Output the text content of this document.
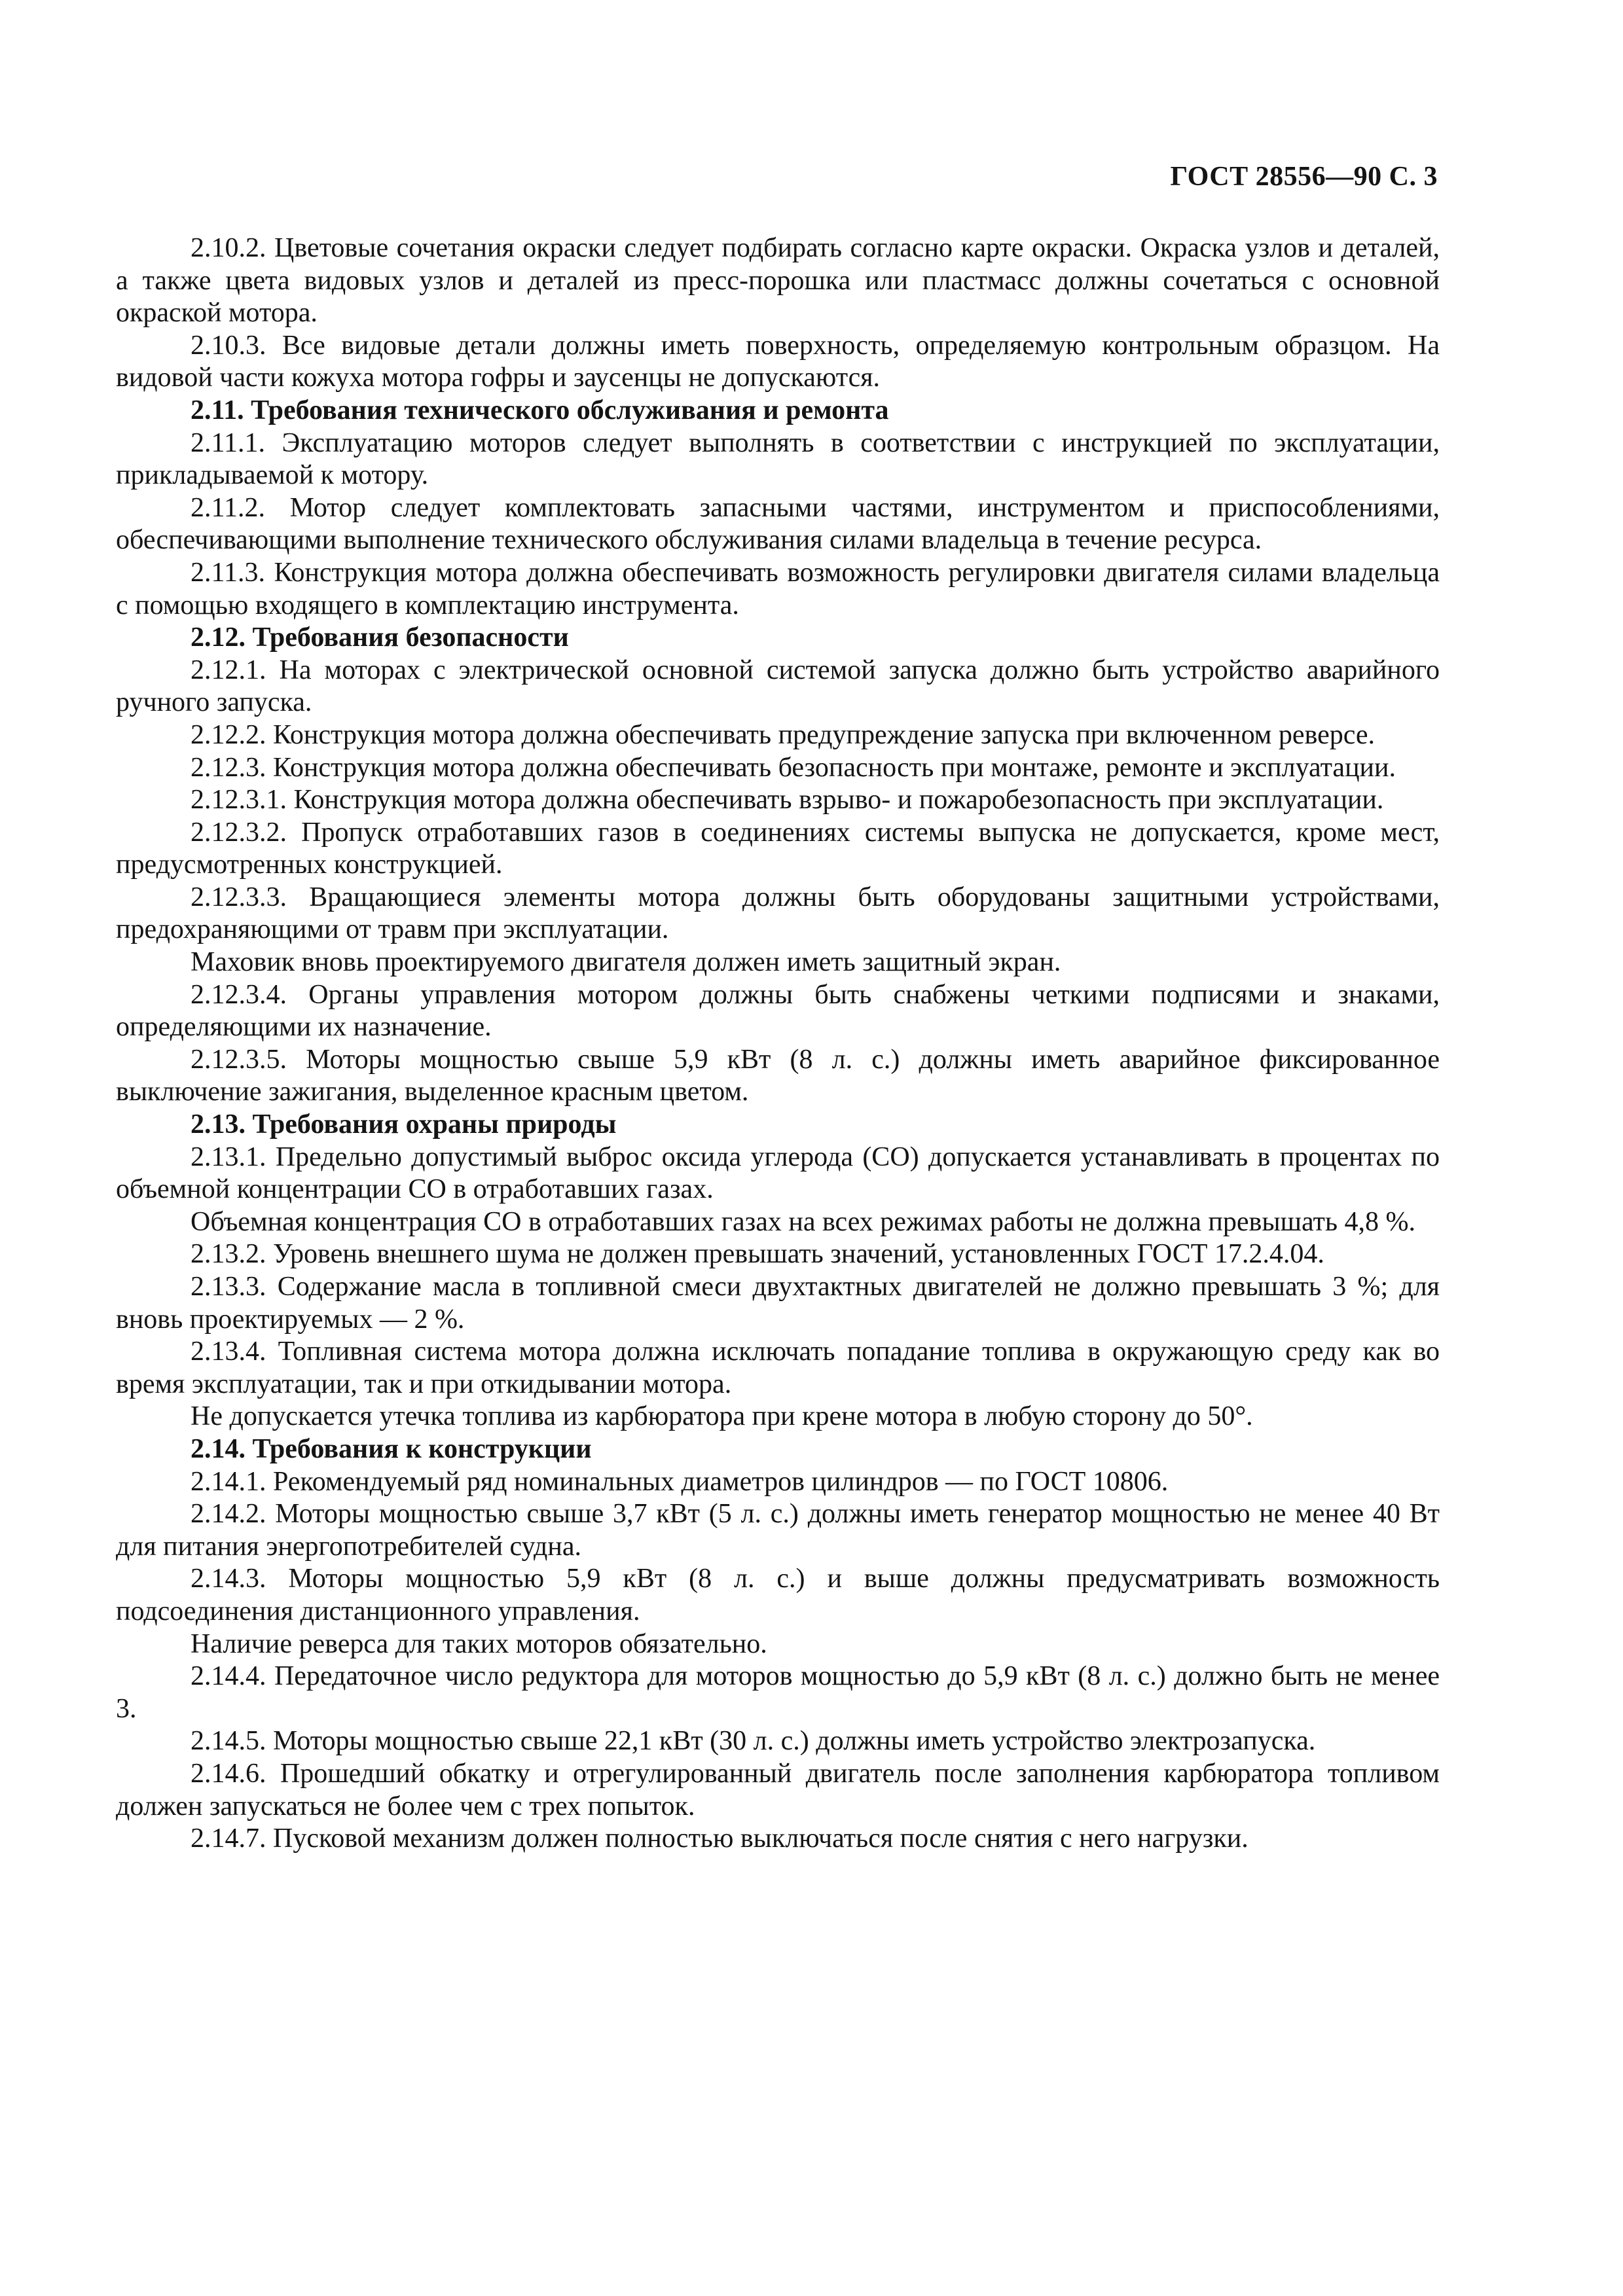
ГОСТ 28556—90 С. 3

2.10.2. Цветовые сочетания окраски следует подбирать согласно карте окраски. Окраска узлов и деталей, а также цвета видовых узлов и деталей из пресс-порошка или пластмасс должны сочетаться с основной окраской мотора.

2.10.3. Все видовые детали должны иметь поверхность, определяемую контрольным образцом. На видовой части кожуха мотора гофры и заусенцы не допускаются.

2.11. Требования технического обслуживания и ремонта

2.11.1. Эксплуатацию моторов следует выполнять в соответствии с инструкцией по эксплуатации, прикладываемой к мотору.

2.11.2. Мотор следует комплектовать запасными частями, инструментом и приспособлениями, обеспечивающими выполнение технического обслуживания силами владельца в течение ресурса.

2.11.3. Конструкция мотора должна обеспечивать возможность регулировки двигателя силами владельца с помощью входящего в комплектацию инструмента.

2.12. Требования безопасности

2.12.1. На моторах с электрической основной системой запуска должно быть устройство аварийного ручного запуска.

2.12.2. Конструкция мотора должна обеспечивать предупреждение запуска при включенном реверсе.

2.12.3. Конструкция мотора должна обеспечивать безопасность при монтаже, ремонте и эксплуатации.

2.12.3.1. Конструкция мотора должна обеспечивать взрыво- и пожаробезопасность при эксплуатации.

2.12.3.2. Пропуск отработавших газов в соединениях системы выпуска не допускается, кроме мест, предусмотренных конструкцией.

2.12.3.3. Вращающиеся элементы мотора должны быть оборудованы защитными устройствами, предохраняющими от травм при эксплуатации.

Маховик вновь проектируемого двигателя должен иметь защитный экран.

2.12.3.4. Органы управления мотором должны быть снабжены четкими подписями и знаками, определяющими их назначение.

2.12.3.5. Моторы мощностью свыше 5,9 кВт (8 л. с.) должны иметь аварийное фиксированное выключение зажигания, выделенное красным цветом.

2.13. Требования охраны природы

2.13.1. Предельно допустимый выброс оксида углерода (СО) допускается устанавливать в процентах по объемной концентрации СО в отработавших газах.

Объемная концентрация СО в отработавших газах на всех режимах работы не должна превышать 4,8 %.

2.13.2. Уровень внешнего шума не должен превышать значений, установленных ГОСТ 17.2.4.04.

2.13.3. Содержание масла в топливной смеси двухтактных двигателей не должно превышать 3 %; для вновь проектируемых — 2 %.

2.13.4. Топливная система мотора должна исключать попадание топлива в окружающую среду как во время эксплуатации, так и при откидывании мотора.

Не допускается утечка топлива из карбюратора при крене мотора в любую сторону до 50°.

2.14. Требования к конструкции

2.14.1. Рекомендуемый ряд номинальных диаметров цилиндров — по ГОСТ 10806.

2.14.2. Моторы мощностью свыше 3,7 кВт (5 л. с.) должны иметь генератор мощностью не менее 40 Вт для питания энергопотребителей судна.

2.14.3. Моторы мощностью 5,9 кВт (8 л. с.) и выше должны предусматривать возможность подсоединения дистанционного управления.

Наличие реверса для таких моторов обязательно.

2.14.4. Передаточное число редуктора для моторов мощностью до 5,9 кВт (8 л. с.) должно быть не менее 3.

2.14.5. Моторы мощностью свыше 22,1 кВт (30 л. с.) должны иметь устройство электрозапуска.

2.14.6. Прошедший обкатку и отрегулированный двигатель после заполнения карбюратора топливом должен запускаться не более чем с трех попыток.

2.14.7. Пусковой механизм должен полностью выключаться после снятия с него нагрузки.
